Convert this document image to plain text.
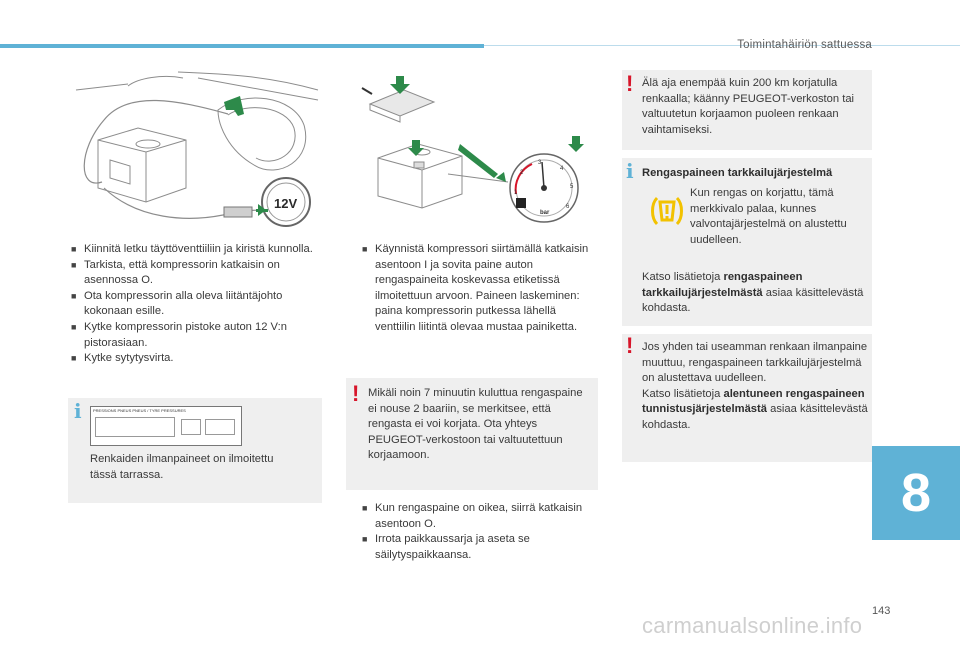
Toimintahäiriön sattuessa
12V
1
2
3
4
5
6
bar
■ Kiinnitä letku täyttöventtiiliin ja kiristä kunnolla.
■ Tarkista, että kompressorin katkaisin on asennossa O.
■ Ota kompressorin alla oleva liitäntäjohto kokonaan esille.
■ Kytke kompressorin pistoke auton 12 V:n pistorasiaan.
■ Kytke sytytysvirta.
i	PRESSIONS PNEUS PNEUS / TYRE PRESSURES
Renkaiden ilmanpaineet on ilmoitettu tässä tarrassa.
■ Käynnistä kompressori siirtämällä katkaisin asentoon I ja sovita paine auton rengaspaineita koskevassa etiketissä ilmoitettuun arvoon. Paineen laskeminen: paina kompressorin putkessa lähellä venttiilin liitintä olevaa mustaa painiketta.
! Mikäli noin 7 minuutin kuluttua rengaspaine ei nouse 2 baariin, se merkitsee, että rengasta ei voi korjata. Ota yhteys PEUGEOT-verkostoon tai valtuutettuun korjaamoon.
■ Kun rengaspaine on oikea, siirrä katkaisin asentoon O.
■ Irrota paikkaussarja ja aseta se säilytyspaikkaansa.
! Älä aja enempää kuin 200 km korjatulla renkaalla; käänny PEUGEOT-verkoston tai valtuutetun korjaamon puoleen renkaan vaihtamiseksi.
i Rengaspaineen tarkkailujärjestelmä
Kun rengas on korjattu, tämä merkkivalo palaa, kunnes valvontajärjestelmä on alustettu uudelleen.
Katso lisätietoja rengaspaineen tarkkailujärjestelmästä asiaa käsittelevästä kohdasta.
! Jos yhden tai useamman renkaan ilmanpaine muuttuu, rengaspaineen tarkkailujärjestelmä on alustettava uudelleen.
Katso lisätietoja alentuneen rengaspaineen tunnistusjärjestelmästä asiaa käsittelevästä kohdasta.
8
143
carmanualsonline.info
